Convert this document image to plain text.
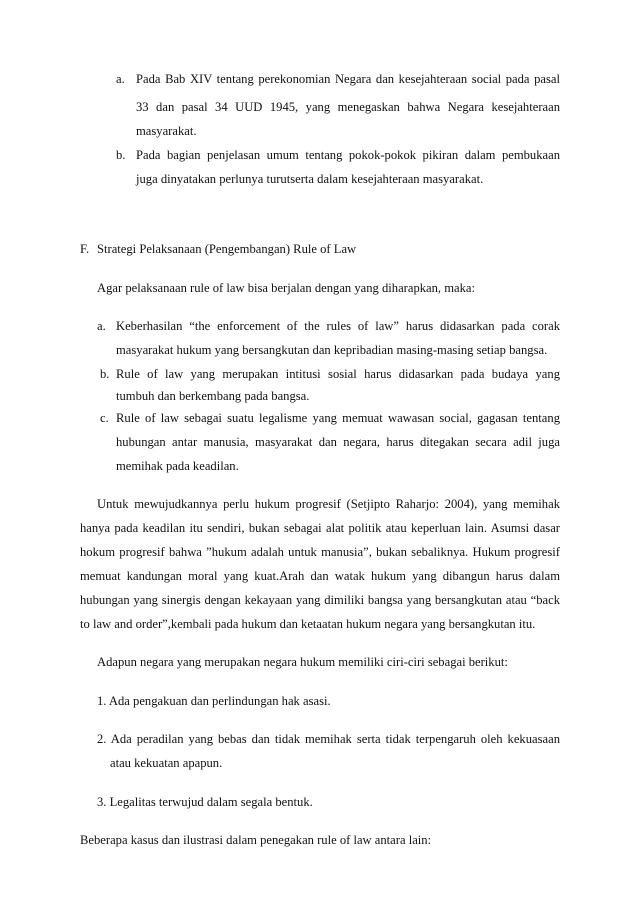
a. Pada Bab XIV tentang perekonomian Negara dan kesejahteraan social pada pasal
33 dan pasal 34 UUD 1945, yang menegaskan bahwa Negara kesejahteraan
masyarakat.
b. Pada bagian penjelasan umum tentang pokok-pokok pikiran dalam pembukaan
juga dinyatakan perlunya turutserta dalam kesejahteraan masyarakat.
F. Strategi Pelaksanaan (Pengembangan) Rule of Law
Agar pelaksanaan rule of law bisa berjalan dengan yang diharapkan, maka:
a. Keberhasilan “the enforcement of the rules of law” harus didasarkan pada corak
masyarakat hukum yang bersangkutan dan kepribadian masing-masing setiap bangsa.
b. Rule of law yang merupakan intitusi sosial harus didasarkan pada budaya yang
tumbuh dan berkembang pada bangsa.
c. Rule of law sebagai suatu legalisme yang memuat wawasan social, gagasan tentang
hubungan antar manusia, masyarakat dan negara, harus ditegakan secara adil juga
memihak pada keadilan.
Untuk mewujudkannya perlu hukum progresif (Setjipto Raharjo: 2004), yang memihak
hanya pada keadilan itu sendiri, bukan sebagai alat politik atau keperluan lain. Asumsi dasar
hokum progresif bahwa ”hukum adalah untuk manusia”, bukan sebaliknya. Hukum progresif
memuat kandungan moral yang kuat.Arah dan watak hukum yang dibangun harus dalam
hubungan yang sinergis dengan kekayaan yang dimiliki bangsa yang bersangkutan atau “back
to law and order”,kembali pada hukum dan ketaatan hukum negara yang bersangkutan itu.
Adapun negara yang merupakan negara hukum memiliki ciri-ciri sebagai berikut:
1. Ada pengakuan dan perlindungan hak asasi.
2. Ada peradilan yang bebas dan tidak memihak serta tidak terpengaruh oleh kekuasaan
atau kekuatan apapun.
3. Legalitas terwujud dalam segala bentuk.
Beberapa kasus dan ilustrasi dalam penegakan rule of law antara lain:
